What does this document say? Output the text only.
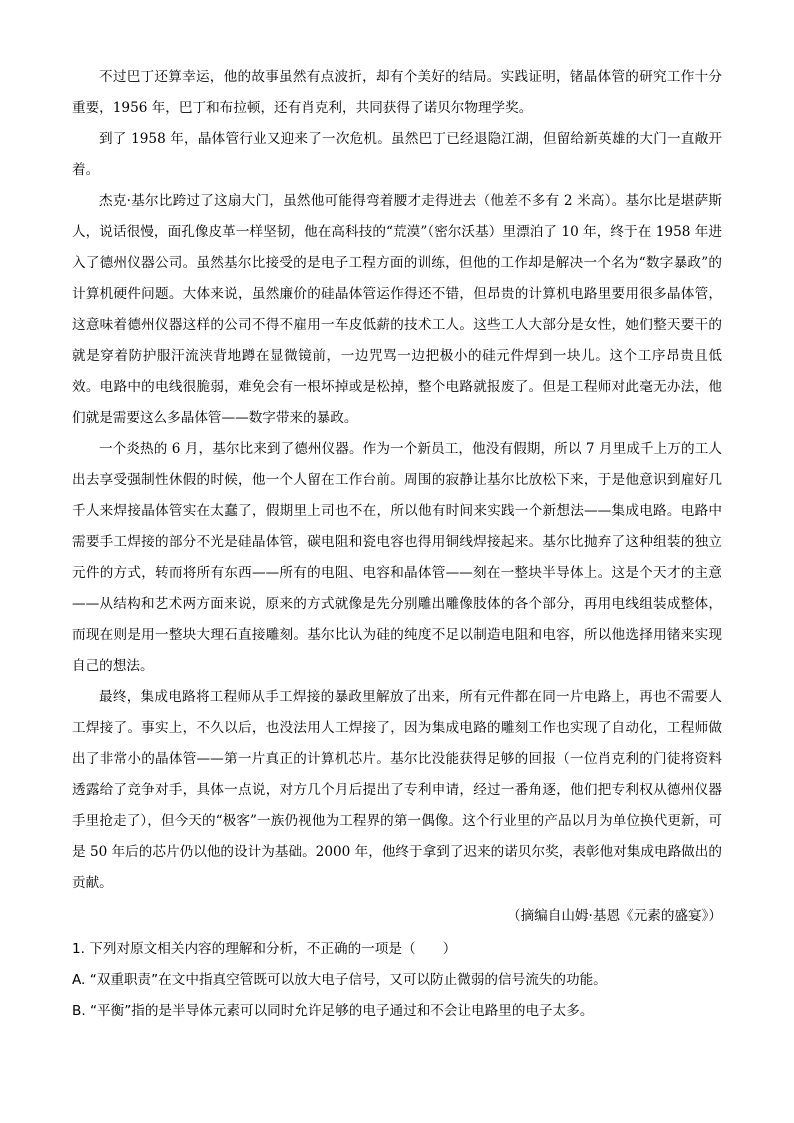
不过巴丁还算幸运，他的故事虽然有点波折，却有个美好的结局。实践证明，锗晶体管的研究工作十分重要，1956 年，巴丁和布拉顿，还有肖克利，共同获得了诺贝尔物理学奖。

到了 1958 年，晶体管行业又迎来了一次危机。虽然巴丁已经退隐江湖，但留给新英雄的大门一直敞开着。

杰克·基尔比跨过了这扇大门，虽然他可能得弯着腰才走得进去（他差不多有 2 米高）。基尔比是堪萨斯人，说话很慢，面孔像皮革一样坚韧，他在高科技的“荒漠”（密尔沃基）里漂泊了 10 年，终于在 1958 年进入了德州仪器公司。虽然基尔比接受的是电子工程方面的训练，但他的工作却是解决一个名为“数字暴政”的计算机硬件问题。大体来说，虽然廉价的硅晶体管运作得还不错，但昂贵的计算机电路里要用很多晶体管，这意味着德州仪器这样的公司不得不雇用一车皮低薪的技术工人。这些工人大部分是女性，她们整天要干的就是穿着防护服汗流浃背地蹲在显微镜前，一边咒骂一边把极小的硅元件焊到一块儿。这个工序昂贵且低效。电路中的电线很脆弱，难免会有一根坏掉或是松掉，整个电路就报废了。但是工程师对此毫无办法，他们就是需要这么多晶体管——数字带来的暴政。

一个炎热的 6 月，基尔比来到了德州仪器。作为一个新员工，他没有假期，所以 7 月里成千上万的工人出去享受强制性休假的时候，他一个人留在工作台前。周围的寂静让基尔比放松下来，于是他意识到雇好几千人来焊接晶体管实在太蠢了，假期里上司也不在，所以他有时间来实践一个新想法——集成电路。电路中需要手工焊接的部分不光是硅晶体管，碳电阻和瓷电容也得用铜线焊接起来。基尔比抛弃了这种组装的独立元件的方式，转而将所有东西——所有的电阻、电容和晶体管——刻在一整块半导体上。这是个天才的主意——从结构和艺术两方面来说，原来的方式就像是先分别雕出雕像肢体的各个部分，再用电线组装成整体，而现在则是用一整块大理石直接雕刻。基尔比认为硅的纯度不足以制造电阻和电容，所以他选择用锗来实现自己的想法。

最终，集成电路将工程师从手工焊接的暴政里解放了出来，所有元件都在同一片电路上，再也不需要人工焊接了。事实上，不久以后，也没法用人工焊接了，因为集成电路的雕刻工作也实现了自动化，工程师做出了非常小的晶体管——第一片真正的计算机芯片。基尔比没能获得足够的回报（一位肖克利的门徒将资料透露给了竞争对手，具体一点说，对方几个月后提出了专利申请，经过一番角逐，他们把专利权从德州仪器手里抢走了），但今天的“极客”一族仍视他为工程界的第一偶像。这个行业里的产品以月为单位换代更新，可是 50 年后的芯片仍以他的设计为基础。2000 年，他终于拿到了迟来的诺贝尔奖，表彰他对集成电路做出的贡献。

（摘编自山姆·基恩《元素的盛宴》）

1. 下列对原文相关内容的理解和分析，不正确的一项是（　　）

A. “双重职责”在文中指真空管既可以放大电子信号，又可以防止微弱的信号流失的功能。

B. “平衡”指的是半导体元素可以同时允许足够的电子通过和不会让电路里的电子太多。
